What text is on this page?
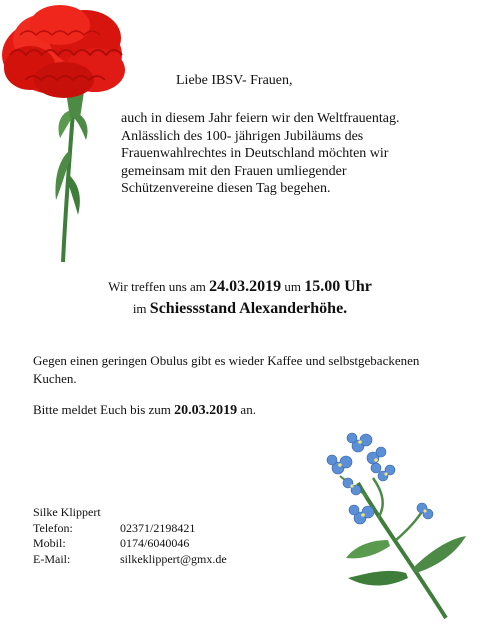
Liebe IBSV- Frauen,
auch in diesem Jahr feiern wir den Weltfrauentag. Anlässlich des 100- jährigen Jubiläums des Frauenwahlrechtes in Deutschland möchten wir gemeinsam mit den Frauen umliegender Schützenvereine diesen Tag begehen.
Wir treffen uns am 24.03.2019 um 15.00 Uhr
im Schiessstand Alexanderhöhe.
Gegen einen geringen Obulus gibt es wieder Kaffee und selbstgebackenen Kuchen.
Bitte meldet Euch bis zum 20.03.2019 an.
Silke Klippert
Telefon:	02371/2198421
Mobil:	0174/6040046
E-Mail:	silkeklippert@gmx.de
